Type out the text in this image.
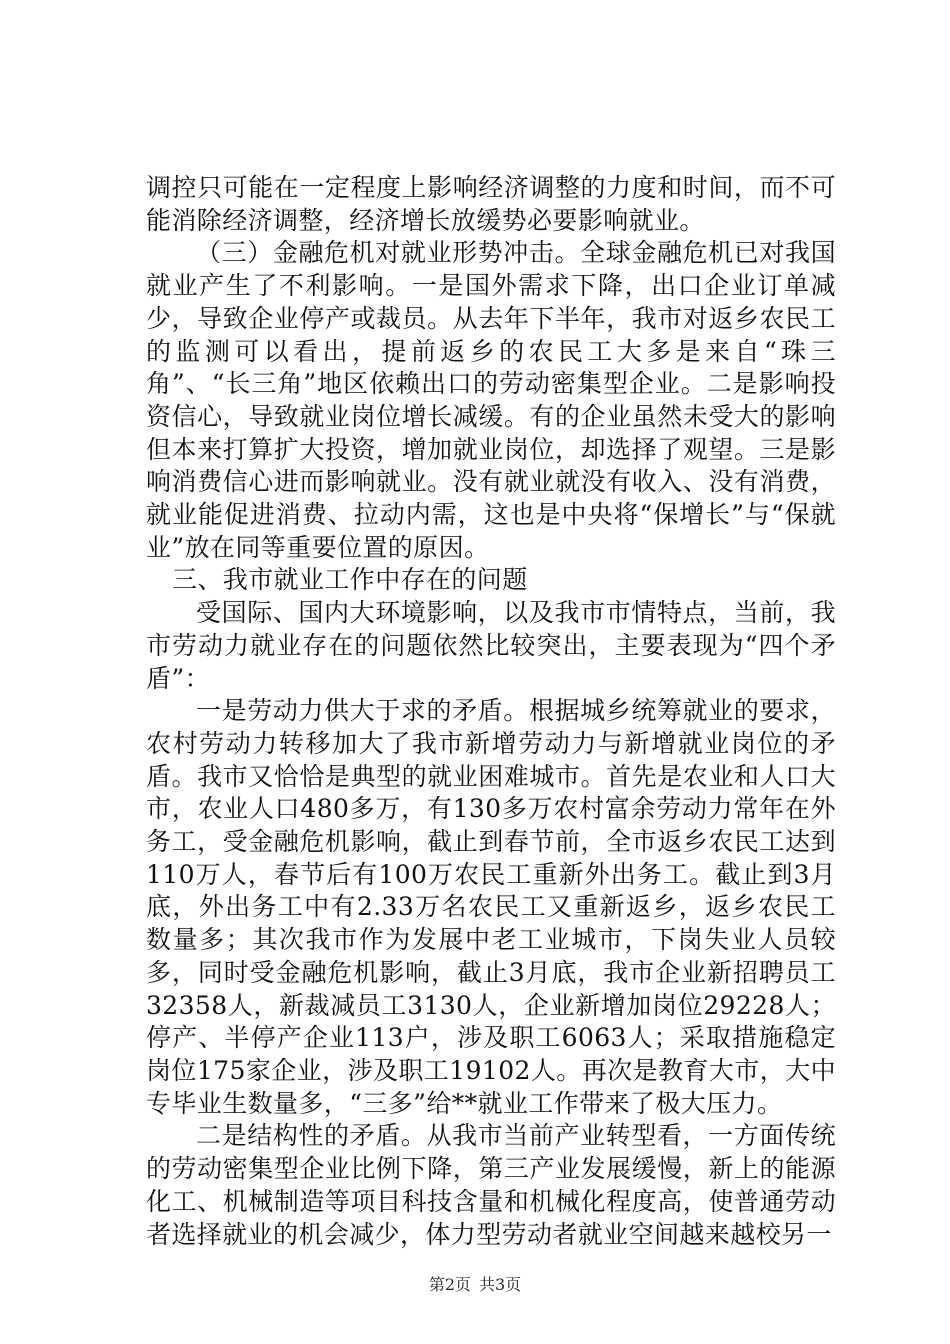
调控只可能在一定程度上影响经济调整的力度和时间，而不可能消除经济调整，经济增长放缓势必要影响就业。

（三）金融危机对就业形势冲击。全球金融危机已对我国就业产生了不利影响。一是国外需求下降，出口企业订单减少，导致企业停产或裁员。从去年下半年，我市对返乡农民工的监测可以看出，提前返乡的农民工大多是来自“珠三角”、“长三角”地区依赖出口的劳动密集型企业。二是影响投资信心，导致就业岗位增长减缓。有的企业虽然未受大的影响但本来打算扩大投资，增加就业岗位，却选择了观望。三是影响消费信心进而影响就业。没有就业就没有收入、没有消费，就业能促进消费、拉动内需，这也是中央将“保增长”与“保就业”放在同等重要位置的原因。

三、我市就业工作中存在的问题

受国际、国内大环境影响，以及我市市情特点，当前，我市劳动力就业存在的问题依然比较突出，主要表现为“四个矛盾”：

一是劳动力供大于求的矛盾。根据城乡统筹就业的要求，农村劳动力转移加大了我市新增劳动力与新增就业岗位的矛盾。我市又恰恰是典型的就业困难城市。首先是农业和人口大市，农业人口480多万，有130多万农村富余劳动力常年在外务工，受金融危机影响，截止到春节前，全市返乡农民工达到110万人，春节后有100万农民工重新外出务工。截止到3月底，外出务工中有2.33万名农民工又重新返乡，返乡农民工数量多；其次我市作为发展中老工业城市，下岗失业人员较多，同时受金融危机影响，截止3月底，我市企业新招聘员工32358人，新裁减员工3130人，企业新增加岗位29228人；停产、半停产企业113户，涉及职工6063人；采取措施稳定岗位175家企业，涉及职工19102人。再次是教育大市，大中专毕业生数量多，“三多”给**就业工作带来了极大压力。

二是结构性的矛盾。从我市当前产业转型看，一方面传统的劳动密集型企业比例下降，第三产业发展缓慢，新上的能源化工、机械制造等项目科技含量和机械化程度高，使普通劳动者选择就业的机会减少，体力型劳动者就业空间越来越校另一

第2页 共3页
